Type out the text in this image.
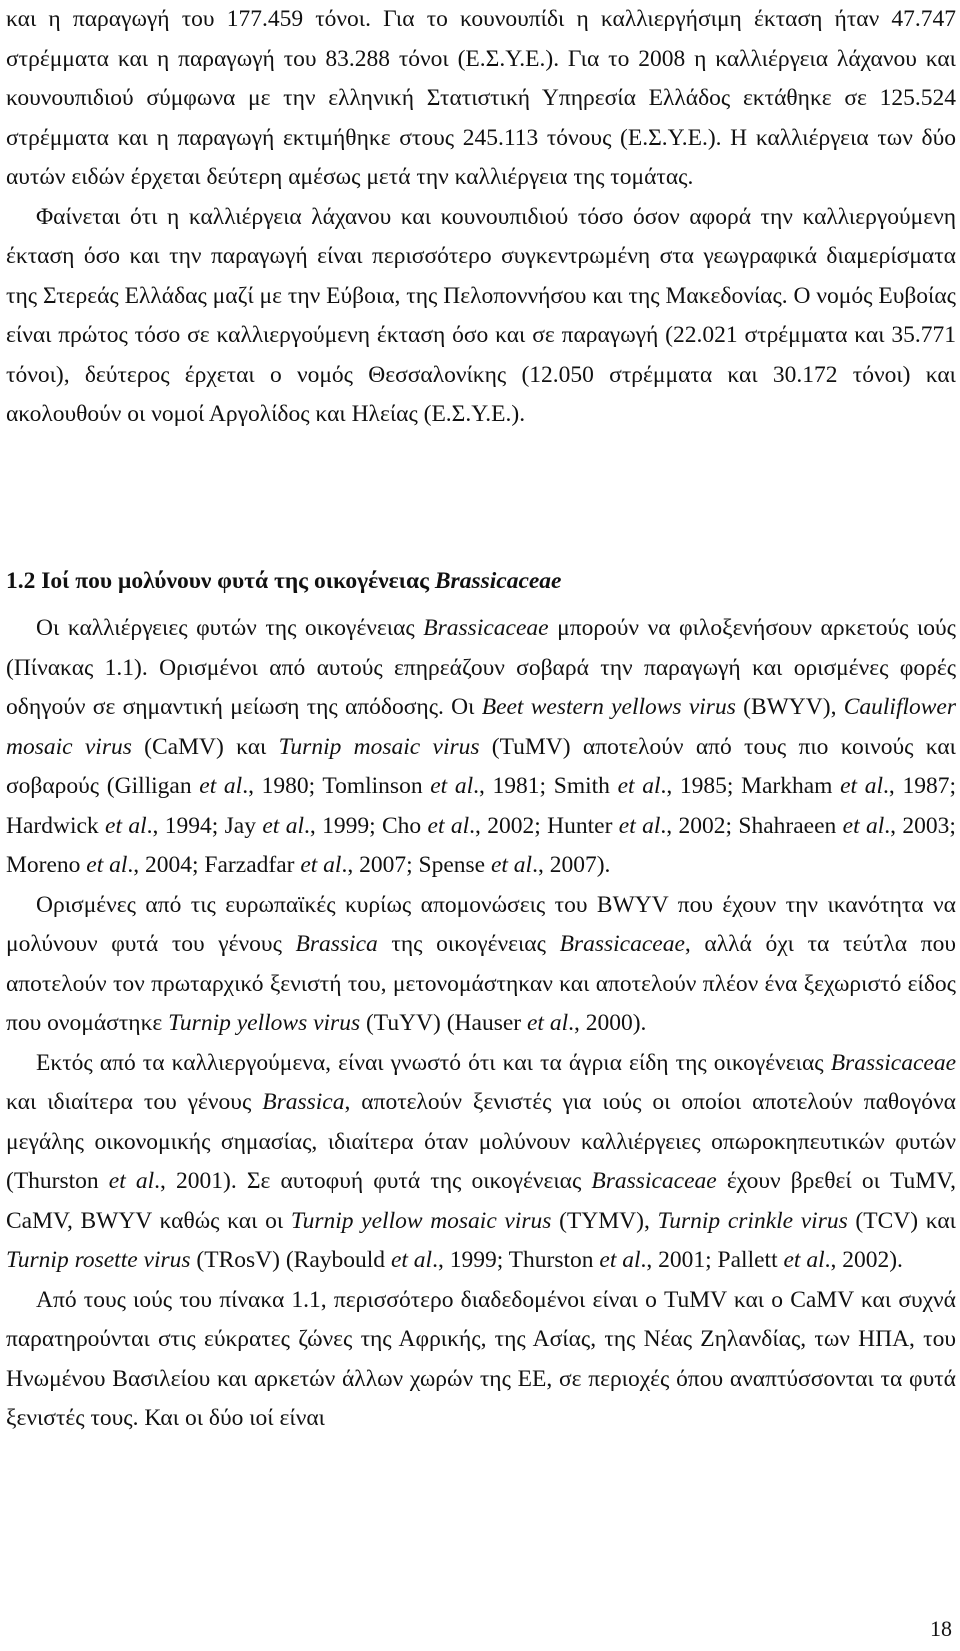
και η παραγωγή του 177.459 τόνοι. Για το κουνουπίδι η καλλιεργήσιμη έκταση ήταν 47.747 στρέμματα και η παραγωγή του 83.288 τόνοι (Ε.Σ.Υ.Ε.). Για το 2008 η καλλιέργεια λάχανου και κουνουπιδιού σύμφωνα με την ελληνική Στατιστική Υπηρεσία Ελλάδος εκτάθηκε σε 125.524 στρέμματα και η παραγωγή εκτιμήθηκε στους 245.113 τόνους (Ε.Σ.Υ.Ε.). Η καλλιέργεια των δύο αυτών ειδών έρχεται δεύτερη αμέσως μετά την καλλιέργεια της τομάτας.

Φαίνεται ότι η καλλιέργεια λάχανου και κουνουπιδιού τόσο όσον αφορά την καλλιεργούμενη έκταση όσο και την παραγωγή είναι περισσότερο συγκεντρωμένη στα γεωγραφικά διαμερίσματα της Στερεάς Ελλάδας μαζί με την Εύβοια, της Πελοποννήσου και της Μακεδονίας. Ο νομός Ευβοίας είναι πρώτος τόσο σε καλλιεργούμενη έκταση όσο και σε παραγωγή (22.021 στρέμματα και 35.771 τόνοι), δεύτερος έρχεται ο νομός Θεσσαλονίκης (12.050 στρέμματα και 30.172 τόνοι) και ακολουθούν οι νομοί Αργολίδος και Ηλείας (Ε.Σ.Υ.Ε.).

1.2 Ιοί που μολύνουν φυτά της οικογένειας Brassicaceae

Οι καλλιέργειες φυτών της οικογένειας Brassicaceae μπορούν να φιλοξενήσουν αρκετούς ιούς (Πίνακας 1.1). Ορισμένοι από αυτούς επηρεάζουν σοβαρά την παραγωγή και ορισμένες φορές οδηγούν σε σημαντική μείωση της απόδοσης. Οι Beet western yellows virus (BWYV), Cauliflower mosaic virus (CaMV) και Turnip mosaic virus (TuMV) αποτελούν από τους πιο κοινούς και σοβαρούς (Gilligan et al., 1980; Tomlinson et al., 1981; Smith et al., 1985; Markham et al., 1987; Hardwick et al., 1994; Jay et al., 1999; Cho et al., 2002; Hunter et al., 2002; Shahraeen et al., 2003; Moreno et al., 2004; Farzadfar et al., 2007; Spense et al., 2007).

Ορισμένες από τις ευρωπαϊκές κυρίως απομονώσεις του BWYV που έχουν την ικανότητα να μολύνουν φυτά του γένους Brassica της οικογένειας Brassicaceae, αλλά όχι τα τεύτλα που αποτελούν τον πρωταρχικό ξενιστή του, μετονομάστηκαν και αποτελούν πλέον ένα ξεχωριστό είδος που ονομάστηκε Turnip yellows virus (TuYV) (Hauser et al., 2000).

Εκτός από τα καλλιεργούμενα, είναι γνωστό ότι και τα άγρια είδη της οικογένειας Brassicaceae και ιδιαίτερα του γένους Brassica, αποτελούν ξενιστές για ιούς οι οποίοι αποτελούν παθογόνα μεγάλης οικονομικής σημασίας, ιδιαίτερα όταν μολύνουν καλλιέργειες οπωροκηπευτικών φυτών (Thurston et al., 2001). Σε αυτοφυή φυτά της οικογένειας Brassicaceae έχουν βρεθεί οι TuMV, CaMV, BWYV καθώς και οι Turnip yellow mosaic virus (TYMV), Turnip crinkle virus (TCV) και Turnip rosette virus (TRosV) (Raybould et al., 1999; Thurston et al., 2001; Pallett et al., 2002).

Από τους ιούς του πίνακα 1.1, περισσότερο διαδεδομένοι είναι ο TuMV και ο CaMV και συχνά παρατηρούνται στις εύκρατες ζώνες της Αφρικής, της Ασίας, της Νέας Ζηλανδίας, των ΗΠΑ, του Ηνωμένου Βασιλείου και αρκετών άλλων χωρών της ΕΕ, σε περιοχές όπου αναπτύσσονται τα φυτά ξενιστές τους. Και οι δύο ιοί είναι

18
